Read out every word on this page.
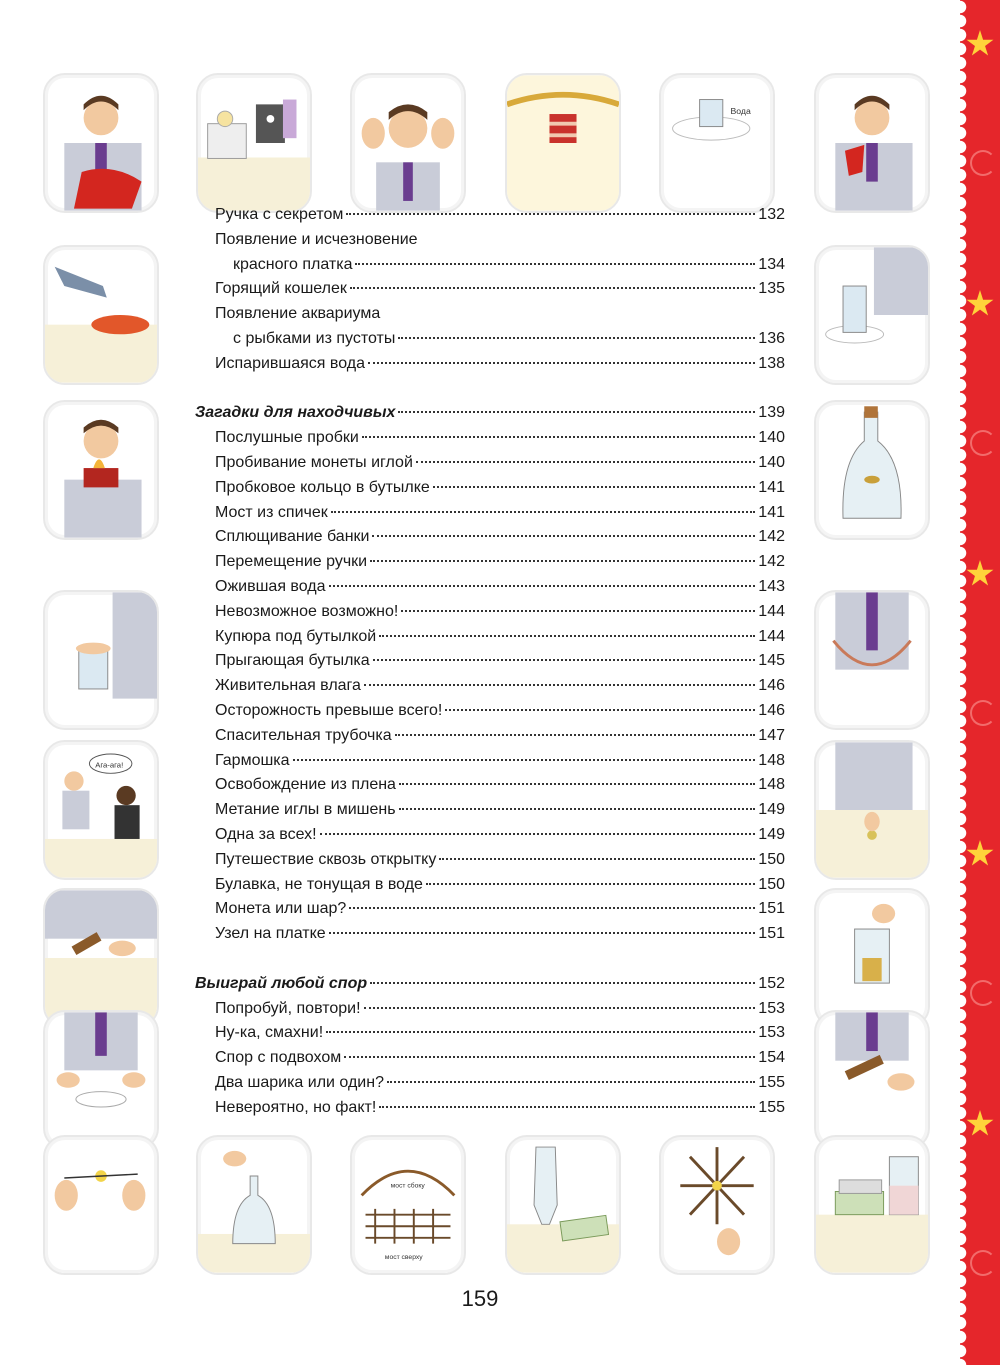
Вода
Ага-ага!
мост сбоку
мост сверху
Ручка с секретом	132
Появление и исчезновение
красного платка	134
Горящий кошелек	135
Появление аквариума
с рыбками из пустоты	136
Испарившаяся вода	138
Загадки для находчивых	139
Послушные пробки	140
Пробивание монеты иглой	140
Пробковое кольцо в бутылке	141
Мост из спичек	141
Сплющивание банки	142
Перемещение ручки	142
Ожившая вода	143
Невозможное возможно!	144
Купюра под бутылкой	144
Прыгающая бутылка	145
Живительная влага	146
Осторожность превыше всего!	146
Спасительная трубочка	147
Гармошка	148
Освобождение из плена	148
Метание иглы в мишень	149
Одна за всех!	149
Путешествие сквозь открытку	150
Булавка, не тонущая в воде	150
Монета или шар?	151
Узел на платке	151
Выиграй любой спор	152
Попробуй, повтори!	153
Ну-ка, смахни!	153
Спор с подвохом	154
Два шарика или один?	155
Невероятно, но факт!	155
159
